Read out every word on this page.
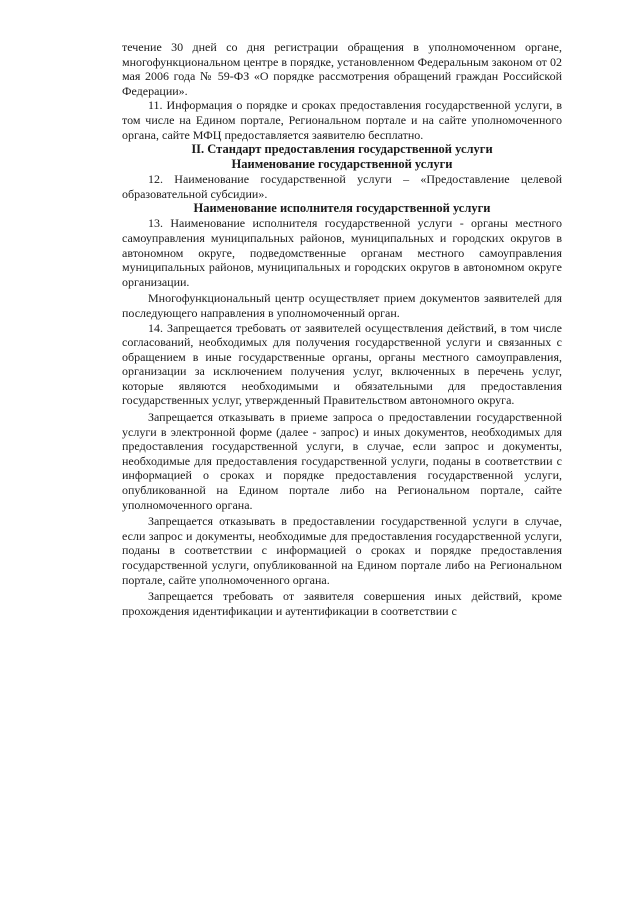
течение 30 дней со дня регистрации обращения в уполномоченном органе, многофункциональном центре в порядке, установленном Федеральным законом от 02 мая 2006 года № 59-ФЗ «О порядке рассмотрения обращений граждан Российской Федерации».

11. Информация о порядке и сроках предоставления государственной услуги, в том числе на Едином портале, Региональном портале и на сайте уполномоченного органа, сайте МФЦ предоставляется заявителю бесплатно.

II. Стандарт предоставления государственной услуги

Наименование государственной услуги

12. Наименование государственной услуги – «Предоставление целевой образовательной субсидии».

Наименование исполнителя государственной услуги

13. Наименование исполнителя государственной услуги - органы местного самоуправления муниципальных районов, муниципальных и городских округов в автономном округе, подведомственные органам местного самоуправления муниципальных районов, муниципальных и городских округов в автономном округе организации.

Многофункциональный центр осуществляет прием документов заявителей для последующего направления в уполномоченный орган.

14. Запрещается требовать от заявителей осуществления действий, в том числе согласований, необходимых для получения государственной услуги и связанных с обращением в иные государственные органы, органы местного самоуправления, организации за исключением получения услуг, включенных в перечень услуг, которые являются необходимыми и обязательными для предоставления государственных услуг, утвержденный Правительством автономного округа.

Запрещается отказывать в приеме запроса о предоставлении государственной услуги в электронной форме (далее - запрос) и иных документов, необходимых для предоставления государственной услуги, в случае, если запрос и документы, необходимые для предоставления государственной услуги, поданы в соответствии с информацией о сроках и порядке предоставления государственной услуги, опубликованной на Едином портале либо на Региональном портале, сайте уполномоченного органа.

Запрещается отказывать в предоставлении государственной услуги в случае, если запрос и документы, необходимые для предоставления государственной услуги, поданы в соответствии с информацией о сроках и порядке предоставления государственной услуги, опубликованной на Едином портале либо на Региональном портале, сайте уполномоченного органа.

Запрещается требовать от заявителя совершения иных действий, кроме прохождения идентификации и аутентификации в соответствии с
